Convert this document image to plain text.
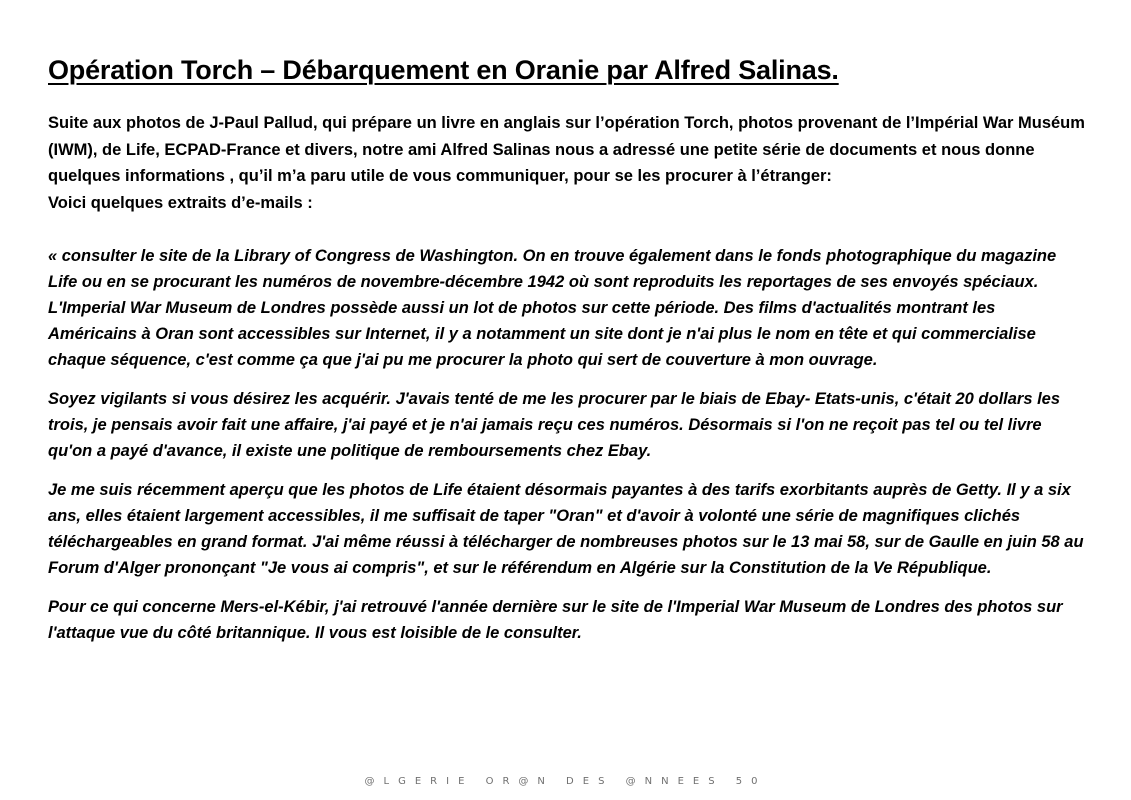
Opération Torch – Débarquement en Oranie par Alfred Salinas.

Suite aux photos de J-Paul Pallud, qui prépare un livre en anglais sur l’opération Torch, photos provenant de l’Impérial War Muséum (IWM), de Life, ECPAD-France et divers, notre ami Alfred Salinas nous a adressé une petite série de documents et nous donne quelques informations , qu’il m’a paru utile de vous communiquer, pour se les procurer à l’étranger:
Voici quelques extraits d’e-mails :

« consulter le site de la Library of Congress de Washington. On en trouve également dans le fonds photographique du magazine Life ou en se procurant les numéros de novembre-décembre 1942 où sont reproduits les reportages de ses envoyés spéciaux. L'Imperial War Museum de Londres possède aussi un lot de photos sur cette période. Des films d'actualités montrant les Américains à Oran sont accessibles sur Internet, il y a notamment un site dont je n'ai plus le nom en tête et qui commercialise chaque séquence, c'est comme ça que j'ai pu me procurer la photo qui sert de couverture à mon ouvrage.

Soyez vigilants si vous désirez les acquérir. J'avais tenté de me les procurer par le biais de Ebay- Etats-unis, c'était 20 dollars les trois, je pensais avoir fait une affaire, j'ai payé et je n'ai jamais reçu ces numéros. Désormais si l'on ne reçoit pas tel ou tel livre qu'on a payé d'avance, il existe une politique de remboursements chez Ebay.

Je me suis récemment aperçu que les photos de Life étaient désormais payantes à des tarifs exorbitants auprès de Getty. Il y a six ans, elles étaient largement accessibles, il me suffisait de taper "Oran" et d'avoir à volonté une série de magnifiques clichés téléchargeables en grand format. J'ai même réussi à télécharger de nombreuses photos sur le 13 mai 58, sur de Gaulle en juin 58 au Forum d'Alger prononçant "Je vous ai compris", et sur le référendum en Algérie sur la Constitution de la Ve République.

Pour ce qui concerne Mers-el-Kébir, j'ai retrouvé l'année dernière sur le site de l'Imperial War Museum de Londres des photos sur l'attaque vue du côté britannique. Il vous est loisible de le consulter.

@LGERIE OR@N DES @NNEES 50
